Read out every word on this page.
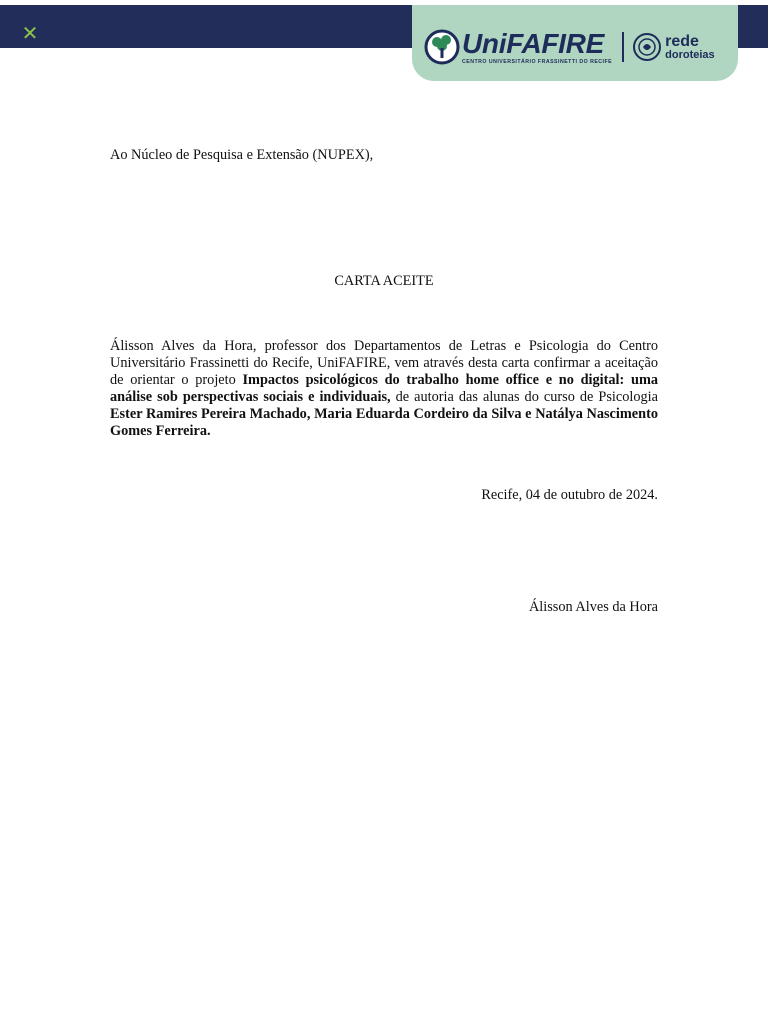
✕	UniFAFIRE
CENTRO UNIVERSITÁRIO FRASSINETTI DO RECIFE
rede
doroteias
Ao Núcleo de Pesquisa e Extensão (NUPEX),
CARTA ACEITE
Álisson Alves da Hora, professor dos Departamentos de Letras e Psicologia do Centro Universitário Frassinetti do Recife, UniFAFIRE, vem através desta carta confirmar a aceitação de orientar o projeto Impactos psicológicos do trabalho home office e no digital: uma análise sob perspectivas sociais e individuais, de autoria das alunas do curso de Psicologia Ester Ramires Pereira Machado, Maria Eduarda Cordeiro da Silva e Natálya Nascimento Gomes Ferreira.
Recife, 04 de outubro de 2024.
Álisson Alves da Hora
